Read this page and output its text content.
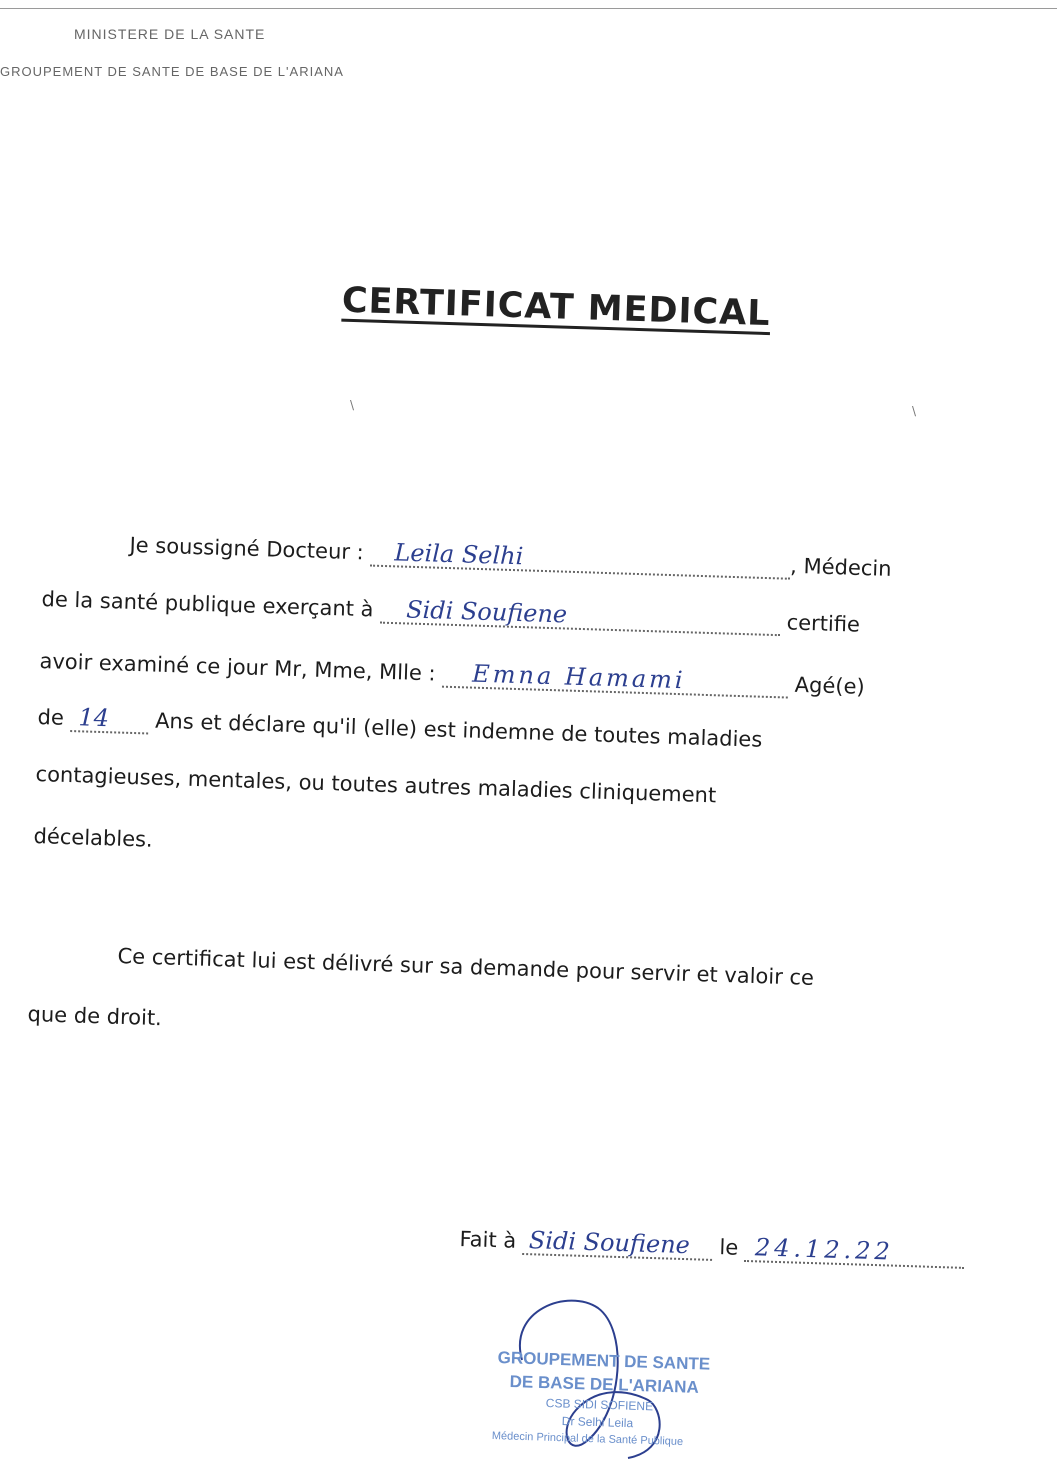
MINISTERE DE LA SANTE
GROUPEMENT DE SANTE DE BASE DE L'ARIANA
CERTIFICAT MEDICAL
\	\
Je soussigné Docteur : Leila Selhi	, Médecin
de la santé publique exerçant à Sidi Soufiene	certifie
avoir examiné ce jour Mr, Mme, Mlle : Emna Hamami	Agé(e)
de 14 Ans et déclare qu'il (elle) est indemne de toutes maladies
contagieuses, mentales, ou toutes autres maladies cliniquement
décelables.
Ce certificat lui est délivré sur sa demande pour servir et valoir ce
que de droit.
Fait à Sidi Soufiene le 24.12.22
GROUPEMENT DE SANTE
DE BASE DE L'ARIANA
CSB SIDI SOFIENE
Dr Selhi Leila
Médecin Principal de la Santé Publique
